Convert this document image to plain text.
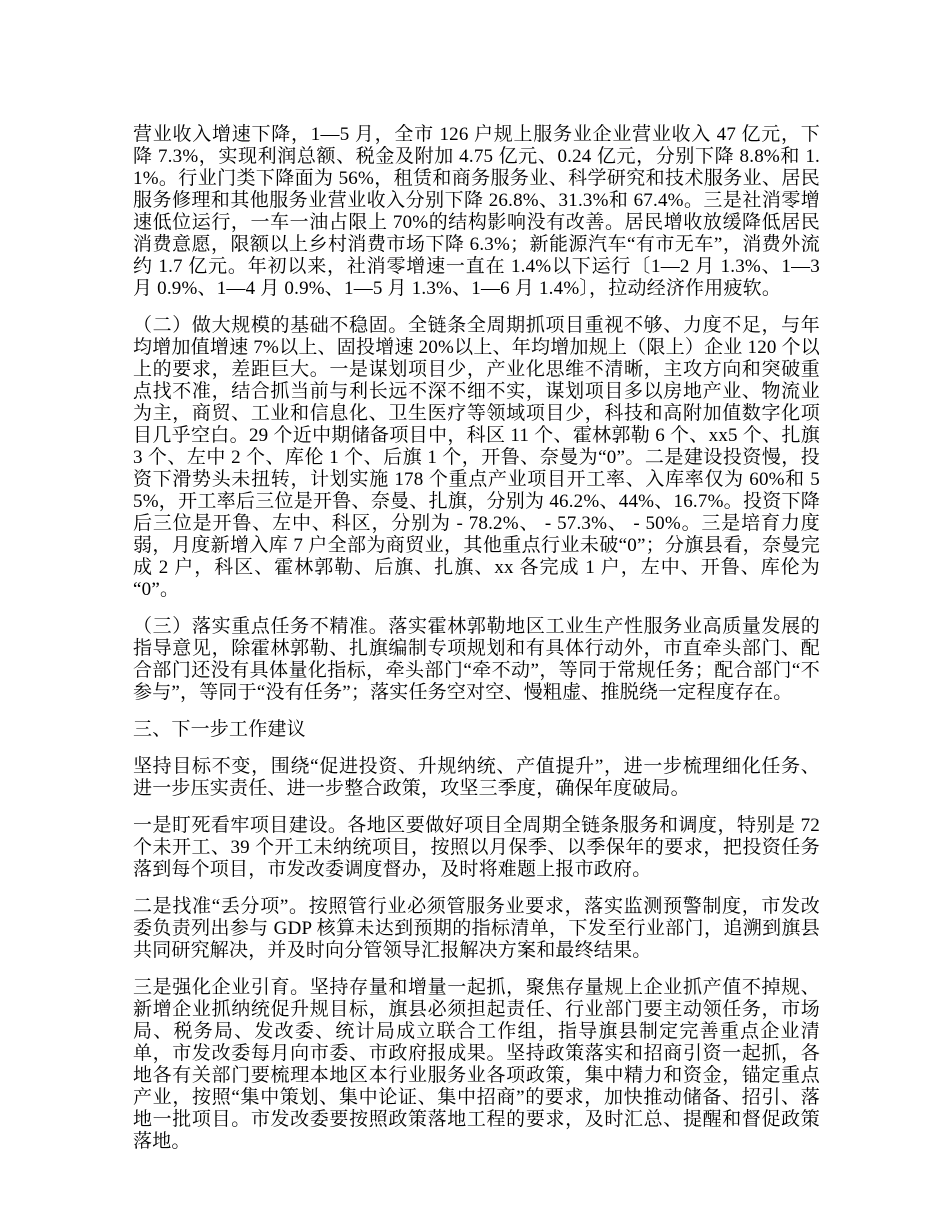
营业收入增速下降，1—5 月，全市 126 户规上服务业企业营业收入 47 亿元，下降 7.3%，实现利润总额、税金及附加 4.75 亿元、0.24 亿元，分别下降 8.8%和 1.1%。行业门类下降面为 56%，租赁和商务服务业、科学研究和技术服务业、居民服务修理和其他服务业营业收入分别下降 26.8%、31.3%和 67.4%。三是社消零增速低位运行，一车一油占限上 70%的结构影响没有改善。居民增收放缓降低居民消费意愿，限额以上乡村消费市场下降 6.3%；新能源汽车“有市无车”，消费外流约 1.7 亿元。年初以来，社消零增速一直在 1.4%以下运行〔1—2 月 1.3%、1—3 月 0.9%、1—4 月 0.9%、1—5 月 1.3%、1—6 月 1.4%〕，拉动经济作用疲软。

（二）做大规模的基础不稳固。全链条全周期抓项目重视不够、力度不足，与年均增加值增速 7%以上、固投增速 20%以上、年均增加规上（限上）企业 120 个以上的要求，差距巨大。一是谋划项目少，产业化思维不清晰，主攻方向和突破重点找不准，结合抓当前与利长远不深不细不实，谋划项目多以房地产业、物流业为主，商贸、工业和信息化、卫生医疗等领域项目少，科技和高附加值数字化项目几乎空白。29 个近中期储备项目中，科区 11 个、霍林郭勒 6 个、xx5 个、扎旗 3 个、左中 2 个、库伦 1 个、后旗 1 个，开鲁、奈曼为“0”。二是建设投资慢，投资下滑势头未扭转，计划实施 178 个重点产业项目开工率、入库率仅为 60%和 55%，开工率后三位是开鲁、奈曼、扎旗，分别为 46.2%、44%、16.7%。投资下降后三位是开鲁、左中、科区，分别为 - 78.2%、 - 57.3%、 - 50%。三是培育力度弱，月度新增入库 7 户全部为商贸业，其他重点行业未破“0”；分旗县看，奈曼完成 2 户，科区、霍林郭勒、后旗、扎旗、xx 各完成 1 户，左中、开鲁、库伦为“0”。

（三）落实重点任务不精准。落实霍林郭勒地区工业生产性服务业高质量发展的指导意见，除霍林郭勒、扎旗编制专项规划和有具体行动外，市直牵头部门、配合部门还没有具体量化指标，牵头部门“牵不动”，等同于常规任务；配合部门“不参与”，等同于“没有任务”；落实任务空对空、慢粗虚、推脱绕一定程度存在。

三、下一步工作建议

坚持目标不变，围绕“促进投资、升规纳统、产值提升”，进一步梳理细化任务、进一步压实责任、进一步整合政策，攻坚三季度，确保年度破局。

一是盯死看牢项目建设。各地区要做好项目全周期全链条服务和调度，特别是 72 个未开工、39 个开工未纳统项目，按照以月保季、以季保年的要求，把投资任务落到每个项目，市发改委调度督办，及时将难题上报市政府。

二是找准“丢分项”。按照管行业必须管服务业要求，落实监测预警制度，市发改委负责列出参与 GDP 核算未达到预期的指标清单，下发至行业部门，追溯到旗县共同研究解决，并及时向分管领导汇报解决方案和最终结果。

三是强化企业引育。坚持存量和增量一起抓，聚焦存量规上企业抓产值不掉规、新增企业抓纳统促升规目标，旗县必须担起责任、行业部门要主动领任务，市场局、税务局、发改委、统计局成立联合工作组，指导旗县制定完善重点企业清单，市发改委每月向市委、市政府报成果。坚持政策落实和招商引资一起抓，各地各有关部门要梳理本地区本行业服务业各项政策，集中精力和资金，锚定重点产业，按照“集中策划、集中论证、集中招商”的要求，加快推动储备、招引、落地一批项目。市发改委要按照政策落地工程的要求，及时汇总、提醒和督促政策落地。
